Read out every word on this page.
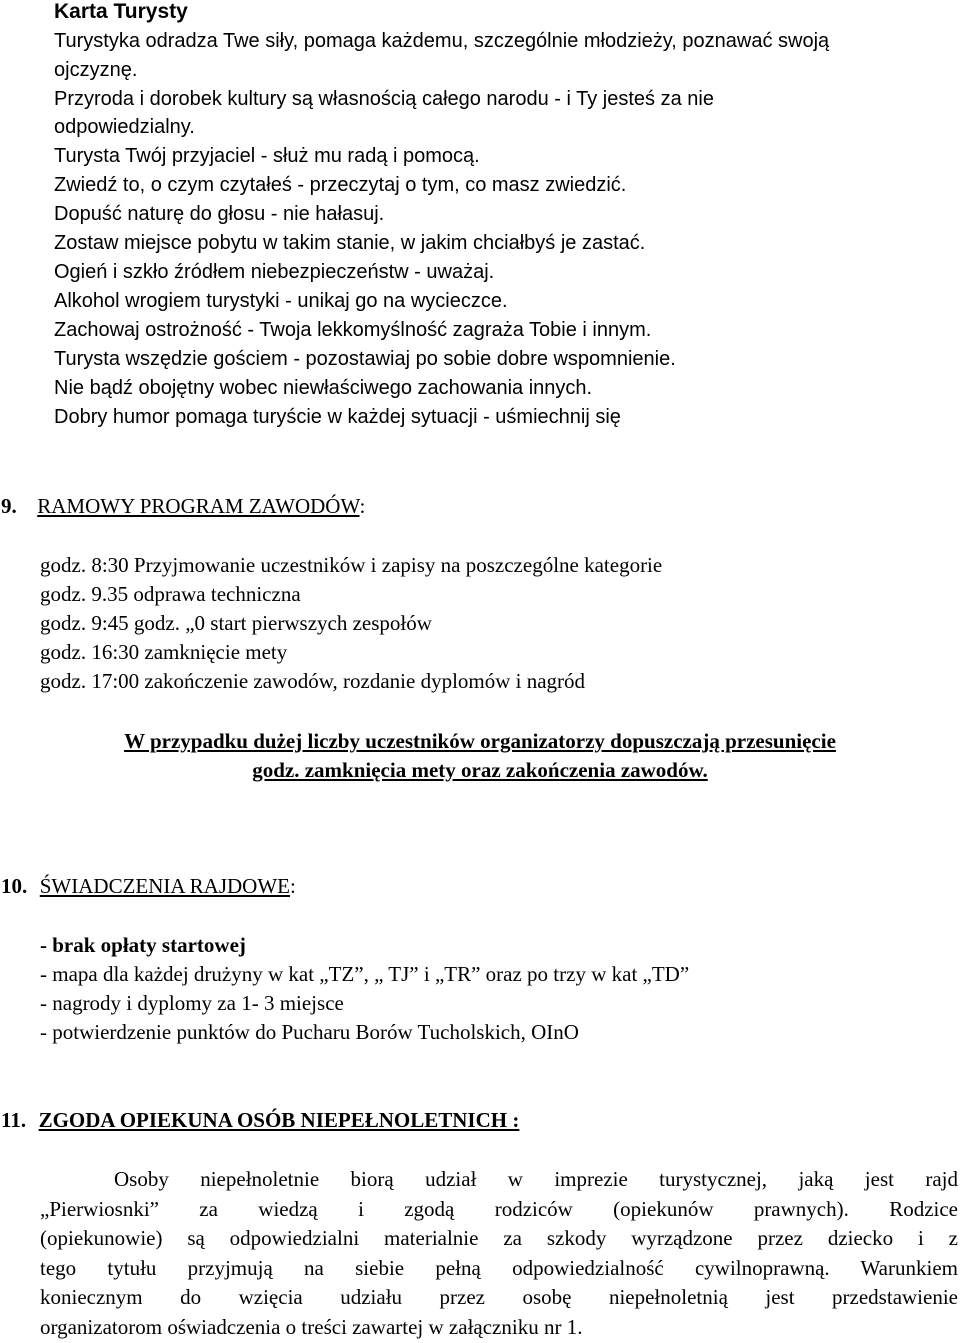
Karta Turysty
Turystyka odradza Twe siły, pomaga każdemu, szczególnie młodzieży, poznawać swoją
ojczyznę.
Przyroda i dorobek kultury są własnością całego narodu - i Ty jesteś za nie
odpowiedzialny.
Turysta Twój przyjaciel - służ mu radą i pomocą.
Zwiedź to, o czym czytałeś - przeczytaj o tym, co masz zwiedzić.
Dopuść naturę do głosu - nie hałasuj.
Zostaw miejsce pobytu w takim stanie, w jakim chciałbyś je zastać.
Ogień i szkło źródłem niebezpieczeństw - uważaj.
Alkohol wrogiem turystyki - unikaj go na wycieczce.
Zachowaj ostrożność - Twoja lekkomyślność zagraża Tobie i innym.
Turysta wszędzie gościem - pozostawiaj po sobie dobre wspomnienie.
Nie bądź obojętny wobec niewłaściwego zachowania innych.
Dobry humor pomaga turyście w każdej sytuacji - uśmiechnij się
9. RAMOWY PROGRAM ZAWODÓW:
godz. 8:30 Przyjmowanie uczestników i zapisy na poszczególne kategorie
godz. 9.35 odprawa techniczna
godz. 9:45 godz. „0 start pierwszych zespołów
godz. 16:30 zamknięcie mety
godz. 17:00 zakończenie zawodów, rozdanie dyplomów i nagród
W przypadku dużej liczby uczestników organizatorzy dopuszczają przesunięcie
godz. zamknięcia mety oraz zakończenia zawodów.
10. ŚWIADCZENIA RAJDOWE:
- brak opłaty startowej
- mapa dla każdej drużyny w kat „TZ”, „ TJ” i „TR” oraz po trzy w kat „TD”
- nagrody i dyplomy za 1- 3 miejsce
- potwierdzenie punktów do Pucharu Borów Tucholskich, OInO
11. ZGODA OPIEKUNA OSÓB NIEPEŁNOLETNICH :
Osoby niepełnoletnie biorą udział w imprezie turystycznej, jaką jest rajd
„Pierwiosnki” za wiedzą i zgodą rodziców (opiekunów prawnych). Rodzice
(opiekunowie) są odpowiedzialni materialnie za szkody wyrządzone przez dziecko i z
tego tytułu przyjmują na siebie pełną odpowiedzialność cywilnoprawną. Warunkiem
koniecznym do wzięcia udziału przez osobę niepełnoletnią jest przedstawienie
organizatorom oświadczenia o treści zawartej w załączniku nr 1.
